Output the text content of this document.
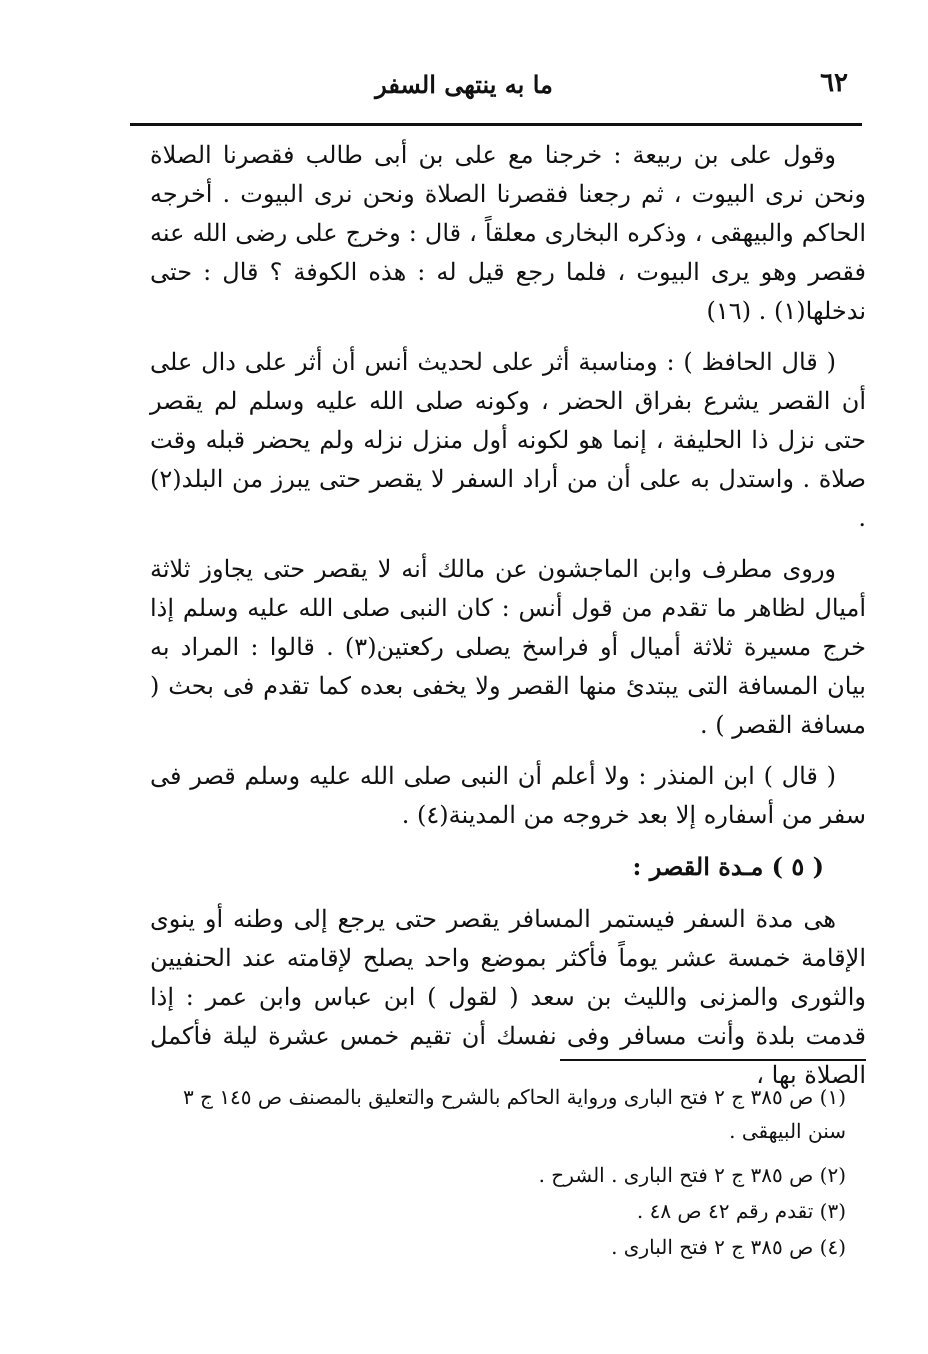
٦٢
ما به ينتهى السفر

وقول على بن ربيعة : خرجنا مع على بن أبى طالب فقصرنا الصلاة ونحن نرى البيوت ، ثم رجعنا فقصرنا الصلاة ونحن نرى البيوت . أخرجه الحاكم والبيهقى ، وذكره البخارى معلقاً ، قال : وخرج على رضى الله عنه فقصر وهو يرى البيوت ، فلما رجع قيل له : هذه الكوفة ؟ قال : حتى ندخلها(١) . (١٦)

( قال الحافظ ) : ومناسبة أثر على لحديث أنس أن أثر على دال على أن القصر يشرع بفراق الحضر ، وكونه صلى الله عليه وسلم لم يقصر حتى نزل ذا الحليفة ، إنما هو لكونه أول منزل نزله ولم يحضر قبله وقت صلاة . واستدل به على أن من أراد السفر لا يقصر حتى يبرز من البلد(٢) .

وروى مطرف وابن الماجشون عن مالك أنه لا يقصر حتى يجاوز ثلاثة أميال لظاهر ما تقدم من قول أنس : كان النبى صلى الله عليه وسلم إذا خرج مسيرة ثلاثة أميال أو فراسخ يصلى ركعتين(٣) . قالوا : المراد به بيان المسافة التى يبتدئ منها القصر ولا يخفى بعده كما تقدم فى بحث ( مسافة القصر ) .

( قال ) ابن المنذر : ولا أعلم أن النبى صلى الله عليه وسلم قصر فى سفر من أسفاره إلا بعد خروجه من المدينة(٤) .

( ٥ ) مـدة القصر :

هى مدة السفر فيستمر المسافر يقصر حتى يرجع إلى وطنه أو ينوى الإقامة خمسة عشر يوماً فأكثر بموضع واحد يصلح لإقامته عند الحنفيين والثورى والمزنى والليث بن سعد ( لقول ) ابن عباس وابن عمر : إذا قدمت بلدة وأنت مسافر وفى نفسك أن تقيم خمس عشرة ليلة فأكمل الصلاة بها ،

(١) ص ٣٨٥ ج ٢ فتح البارى ورواية الحاكم بالشرح والتعليق بالمصنف ص ١٤٥ ج ٣ سنن البيهقى .

(٢) ص ٣٨٥ ج ٢ فتح البارى . الشرح .

(٣) تقدم رقم ٤٢ ص ٤٨ .

(٤) ص ٣٨٥ ج ٢ فتح البارى .
